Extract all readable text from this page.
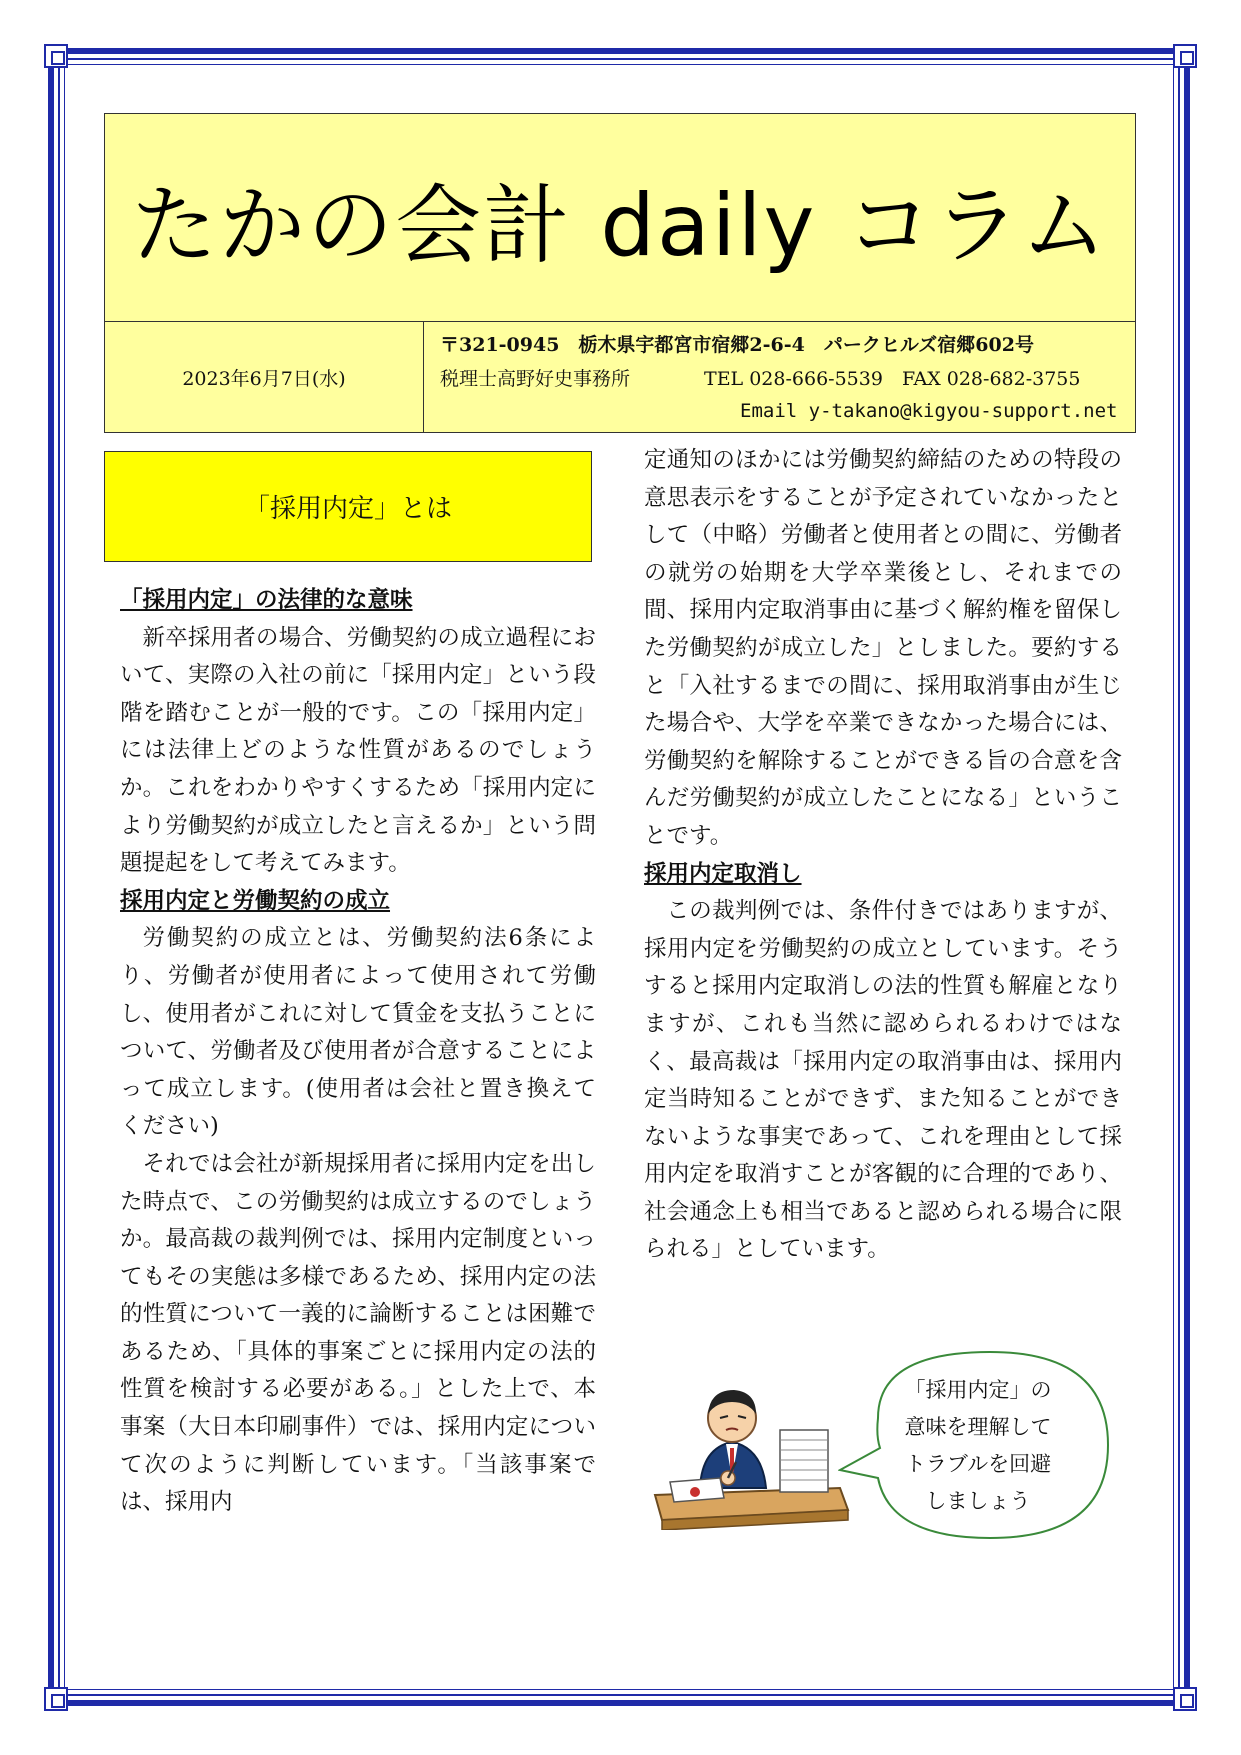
たかの会計 daily コラム
2023年6月7日(水)
〒321-0945　栃木県宇都宮市宿郷2-6-4　パークヒルズ宿郷602号
税理士高野好史事務所	TEL 028-666-5539　FAX 028-682-3755
Email y-takano@kigyou-support.net
「採用内定」とは
「採用内定」の法律的な意味

新卒採用者の場合、労働契約の成立過程において、実際の入社の前に「採用内定」という段階を踏むことが一般的です。この「採用内定」には法律上どのような性質があるのでしょうか。これをわかりやすくするため「採用内定により労働契約が成立したと言えるか」という問題提起をして考えてみます。

採用内定と労働契約の成立

労働契約の成立とは、労働契約法6条により、労働者が使用者によって使用されて労働し、使用者がこれに対して賃金を支払うことについて、労働者及び使用者が合意することによって成立します。(使用者は会社と置き換えてください)

それでは会社が新規採用者に採用内定を出した時点で、この労働契約は成立するのでしょうか。最高裁の裁判例では、採用内定制度といってもその実態は多様であるため、採用内定の法的性質について一義的に論断することは困難であるため、「具体的事案ごとに採用内定の法的性質を検討する必要がある。」とした上で、本事案（大日本印刷事件）では、採用内定について次のように判断しています。「当該事案では、採用内

定通知のほかには労働契約締結のための特段の意思表示をすることが予定されていなかったとして（中略）労働者と使用者との間に、労働者の就労の始期を大学卒業後とし、それまでの間、採用内定取消事由に基づく解約権を留保した労働契約が成立した」としました。要約すると「入社するまでの間に、採用取消事由が生じた場合や、大学を卒業できなかった場合には、労働契約を解除することができる旨の合意を含んだ労働契約が成立したことになる」ということです。

採用内定取消し

この裁判例では、条件付きではありますが、採用内定を労働契約の成立としています。そうすると採用内定取消しの法的性質も解雇となりますが、これも当然に認められるわけではなく、最高裁は「採用内定の取消事由は、採用内定当時知ることができず、また知ることができないような事実であって、これを理由として採用内定を取消すことが客観的に合理的であり、社会通念上も相当であると認められる場合に限られる」としています。

「採用内定」の
意味を理解して
トラブルを回避
しましょう
